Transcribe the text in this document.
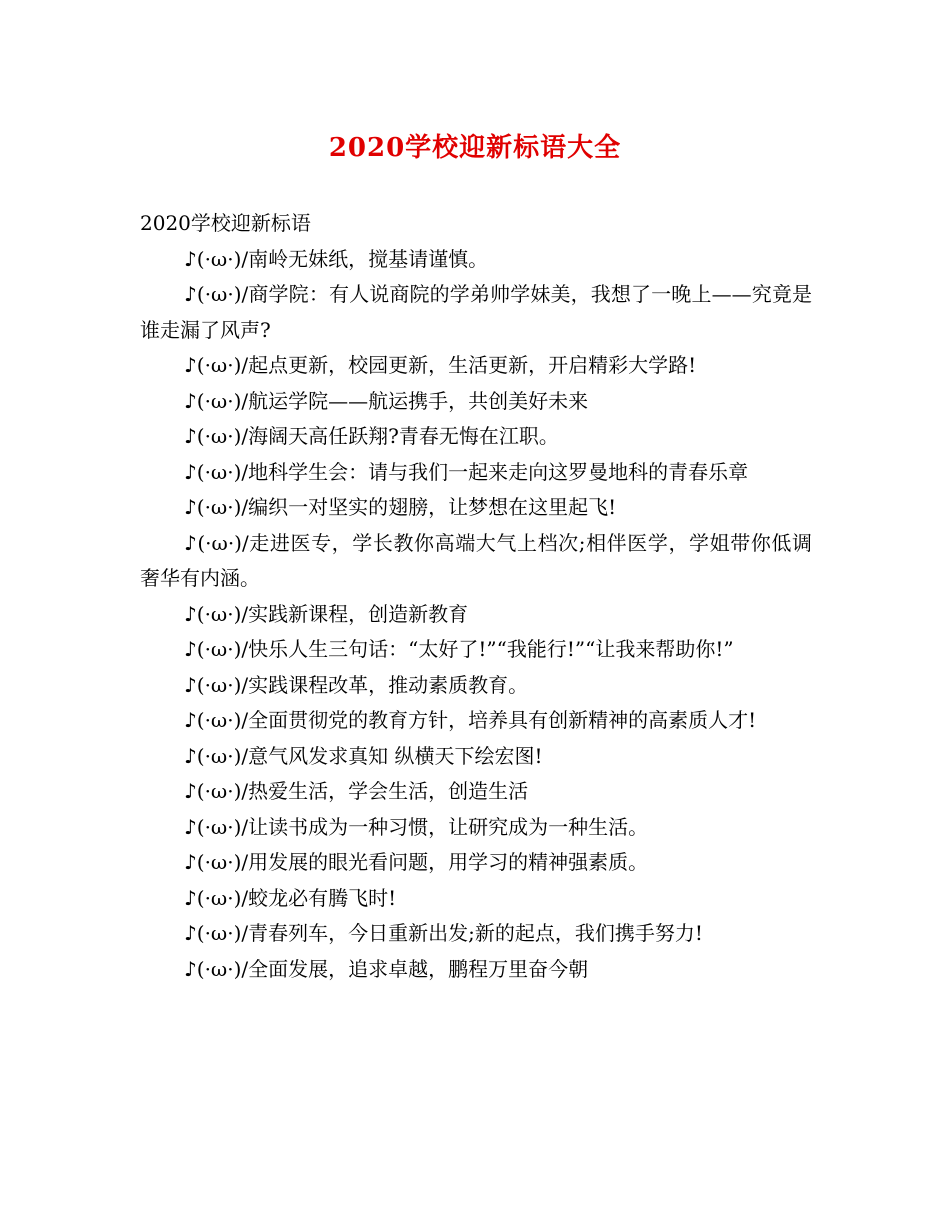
2020学校迎新标语大全

2020学校迎新标语

♪(·ω·)/南岭无妹纸，搅基请谨慎。

♪(·ω·)/商学院：有人说商院的学弟帅学妹美，我想了一晚上——究竟是谁走漏了风声?

♪(·ω·)/起点更新，校园更新，生活更新，开启精彩大学路!

♪(·ω·)/航运学院——航运携手，共创美好未来

♪(·ω·)/海阔天高任跃翔?青春无悔在江职。

♪(·ω·)/地科学生会：请与我们一起来走向这罗曼地科的青春乐章

♪(·ω·)/编织一对坚实的翅膀，让梦想在这里起飞!

♪(·ω·)/走进医专，学长教你高端大气上档次;相伴医学，学姐带你低调奢华有内涵。

♪(·ω·)/实践新课程，创造新教育

♪(·ω·)/快乐人生三句话：“太好了!”“我能行!”“让我来帮助你!”

♪(·ω·)/实践课程改革，推动素质教育。

♪(·ω·)/全面贯彻党的教育方针，培养具有创新精神的高素质人才!

♪(·ω·)/意气风发求真知 纵横天下绘宏图!

♪(·ω·)/热爱生活，学会生活，创造生活

♪(·ω·)/让读书成为一种习惯，让研究成为一种生活。

♪(·ω·)/用发展的眼光看问题，用学习的精神强素质。

♪(·ω·)/蛟龙必有腾飞时!

♪(·ω·)/青春列车，今日重新出发;新的起点，我们携手努力!

♪(·ω·)/全面发展，追求卓越，鹏程万里奋今朝
